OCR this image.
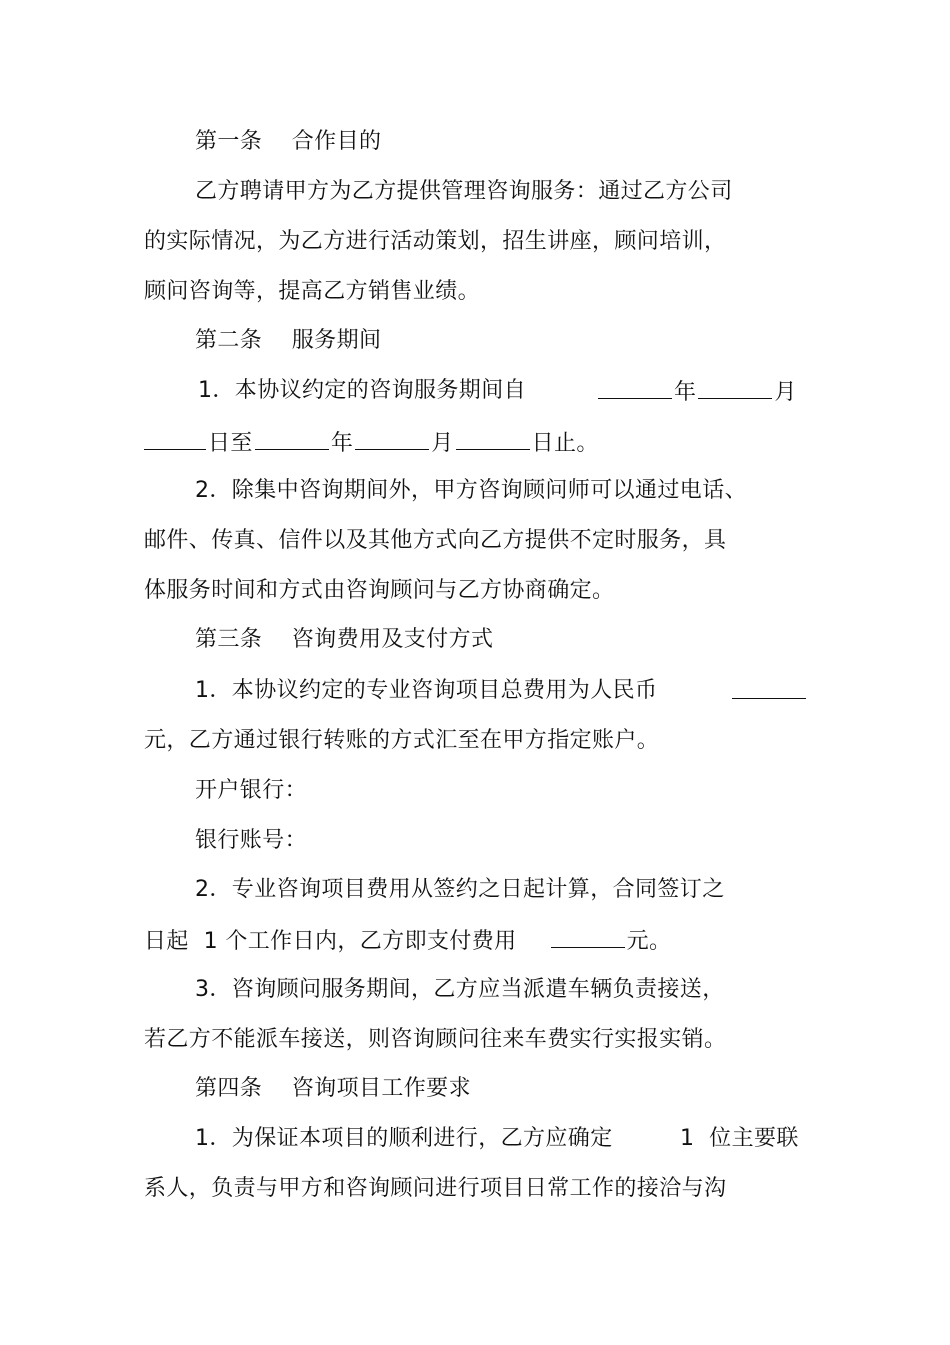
第一条    合作目的
乙方聘请甲方为乙方提供管理咨询服务：通过乙方公司
的实际情况，为乙方进行活动策划，招生讲座，顾问培训，
顾问咨询等，提高乙方销售业绩。
第二条    服务期间
1．本协议约定的咨询服务期间自	年	月
日至	年	月	日止。
2．除集中咨询期间外，甲方咨询顾问师可以通过电话、
邮件、传真、信件以及其他方式向乙方提供不定时服务，具
体服务时间和方式由咨询顾问与乙方协商确定。
第三条    咨询费用及支付方式
1．本协议约定的专业咨询项目总费用为人民币
元，乙方通过银行转账的方式汇至在甲方指定账户。
开户银行：
银行账号：
2．专业咨询项目费用从签约之日起计算，合同签订之
日起  1 个工作日内，乙方即支付费用	元。
3．咨询顾问服务期间，乙方应当派遣车辆负责接送，
若乙方不能派车接送，则咨询顾问往来车费实行实报实销。
第四条    咨询项目工作要求
1．为保证本项目的顺利进行，乙方应确定	1  位主要联
系人，负责与甲方和咨询顾问进行项目日常工作的接洽与沟
